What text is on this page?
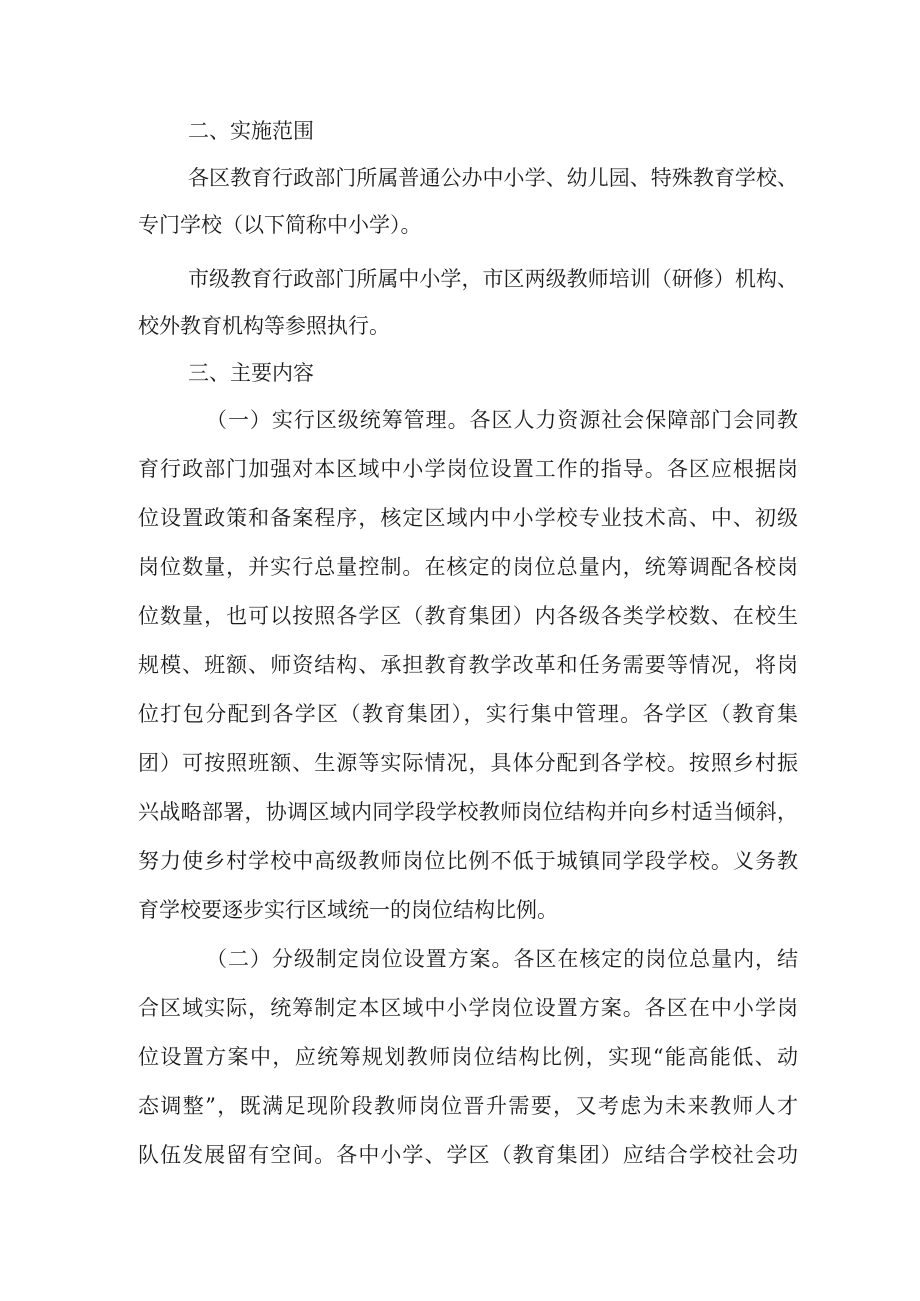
二、实施范围

各区教育行政部门所属普通公办中小学、幼儿园、特殊教育学校、

专门学校（以下简称中小学）。

市级教育行政部门所属中小学，市区两级教师培训（研修）机构、

校外教育机构等参照执行。

三、主要内容

（一）实行区级统筹管理。各区人力资源社会保障部门会同教

育行政部门加强对本区域中小学岗位设置工作的指导。各区应根据岗

位设置政策和备案程序，核定区域内中小学校专业技术高、中、初级

岗位数量，并实行总量控制。在核定的岗位总量内，统筹调配各校岗

位数量，也可以按照各学区（教育集团）内各级各类学校数、在校生

规模、班额、师资结构、承担教育教学改革和任务需要等情况，将岗

位打包分配到各学区（教育集团），实行集中管理。各学区（教育集

团）可按照班额、生源等实际情况，具体分配到各学校。按照乡村振

兴战略部署，协调区域内同学段学校教师岗位结构并向乡村适当倾斜，

努力使乡村学校中高级教师岗位比例不低于城镇同学段学校。义务教

育学校要逐步实行区域统一的岗位结构比例。

（二）分级制定岗位设置方案。各区在核定的岗位总量内，结

合区域实际，统筹制定本区域中小学岗位设置方案。各区在中小学岗

位设置方案中，应统筹规划教师岗位结构比例，实现“能高能低、动

态调整”，既满足现阶段教师岗位晋升需要，又考虑为未来教师人才

队伍发展留有空间。各中小学、学区（教育集团）应结合学校社会功
